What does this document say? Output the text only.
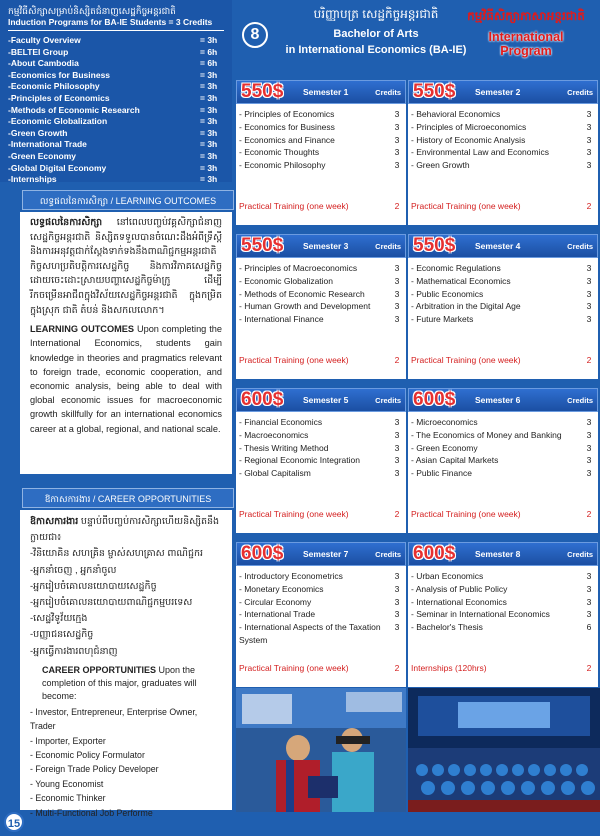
កម្មវិធីសិក្សាសម្រាប់និស្សិតជំនាញសេដ្ឋកិច្ចអន្តរជាតិ
Induction Programs for BA-IE Students = 3 Credits
-Faculty Overview	= 3h
-BELTEI Group	= 6h
-About Cambodia	= 6h
-Economics for Business	= 3h
-Economic Philosophy	= 3h
-Principles of Economics	= 3h
-Methods of Economic Research	= 3h
-Economic Globalization	= 3h
-Green Growth	= 3h
-International Trade	= 3h
-Green Economy	= 3h
-Global Digital Economy	= 3h
-Internships	= 3h
លទ្ធផលនៃការសិក្សា / LEARNING OUTCOMES

លទ្ធផលនៃការសិក្សា នៅពេលបញ្ចប់វគ្គសិក្សាជំនាញសេដ្ឋកិច្ចអន្តរជាតិ និស្សិតទទួលបានចំណេះដឹងអំពីទ្រឹស្តី និងការអនុវត្តជាក់ស្តែងទាក់ទងនឹងពាណិជ្ជកម្មអន្តរជាតិ កិច្ចសហប្រតិបត្តិការសេដ្ឋកិច្ច និងការវិភាគសេដ្ឋកិច្ច ដោយចេះដោះស្រាយបញ្ហាសេដ្ឋកិច្ចម៉ាក្រូ ដើម្បីរីកចម្រើនអាជីពក្នុងវិស័យសេដ្ឋកិច្ចអន្តរជាតិ ក្នុងកម្រិតក្នុងស្រុក ជាតិ តំបន់ និងសកលលោក។

LEARNING OUTCOMES Upon completing the International Economics, students gain knowledge in theories and pragmatics relevant to foreign trade, economic cooperation, and economic analysis, being able to deal with global economic issues for macroeconomic growth skillfully for an international economics career at a global, regional, and national scale.

ឱកាសការងារ / CAREER OPPORTUNITIES

ឱកាសការងារ បន្ទាប់ពីបញ្ចប់ការសិក្សាហើយនិស្សិតនឹងក្លាយជា៖

-វិនិយោគិន សហគ្រិន ម្ចាស់សហគ្រាស ពាណិជ្ជករ
-អ្នកនាំចេញ , អ្នកនាំចូល
-អ្នករៀបចំគោលនយោបាយសេដ្ឋកិច្ច
-អ្នករៀបចំគោលនយោបាយពាណិជ្ជកម្មបរទេស
-សេដ្ឋវិទូវ័យក្មេង
-បញ្ញាជនសេដ្ឋកិច្ច
-អ្នកធ្វើការងារពហុជំនាញ

CAREER OPPORTUNITIES Upon the completion of this major, graduates will become:

- Investor, Entrepreneur, Enterprise Owner, Trader
- Importer, Exporter
- Economic Policy Formulator
- Foreign Trade Policy Developer
- Young Economist
- Economic Thinker
- Multi-Functional Job Performe
15
8
បរិញ្ញាបត្រ សេដ្ឋកិច្ចអន្តរជាតិ
Bachelor of Arts
in International Economics (BA-IE)
កម្មវិធីសិក្សាភាសាអន្តរជាតិ
International
Program
550$	Semester 1	Credits
- Principles of Economics	3
- Economics for Business	3
- Economics and Finance	3
- Economic Thoughts	3
- Economic Philosophy	3
Practical Training (one week)	2
550$	Semester 2	Credits
- Behavioral Economics	3
- Principles of Microeconomics	3
- History of Economic Analysis	3
- Environmental Law and Economics	3
- Green Growth	3
Practical Training (one week)	2
550$	Semester 3	Credits
- Principles of Macroeconomics	3
- Economic Globalization	3
- Methods of Economic Research	3
- Human Growth and Development	3
- International Finance	3
Practical Training (one week)	2
550$	Semester 4	Credits
- Economic Regulations	3
- Mathematical Economics	3
- Public Economics	3
- Arbitration in the Digital Age	3
- Future Markets	3
Practical Training (one week)	2
600$	Semester 5	Credits
- Financial Economics	3
- Macroeconomics	3
- Thesis Writing Method	3
- Regional Economic Integration	3
- Global Capitalism	3
Practical Training (one week)	2
600$	Semester 6	Credits
- Microeconomics	3
- The Economics of Money and Banking	3
- Green Economy	3
- Asian Capital Markets	3
- Public Finance	3
Practical Training (one week)	2
600$	Semester 7	Credits
- Introductory Econometrics	3
- Monetary Economics	3
- Circular Economy	3
- International Trade	3
- International Aspects of the Taxation System
3
Practical Training (one week)	2
600$	Semester 8	Credits
- Urban Economics	3
- Analysis of Public Policy	3
- International Economics	3
- Seminar in International Economics	3
- Bachelor's Thesis	6
Internships (120hrs)	2
